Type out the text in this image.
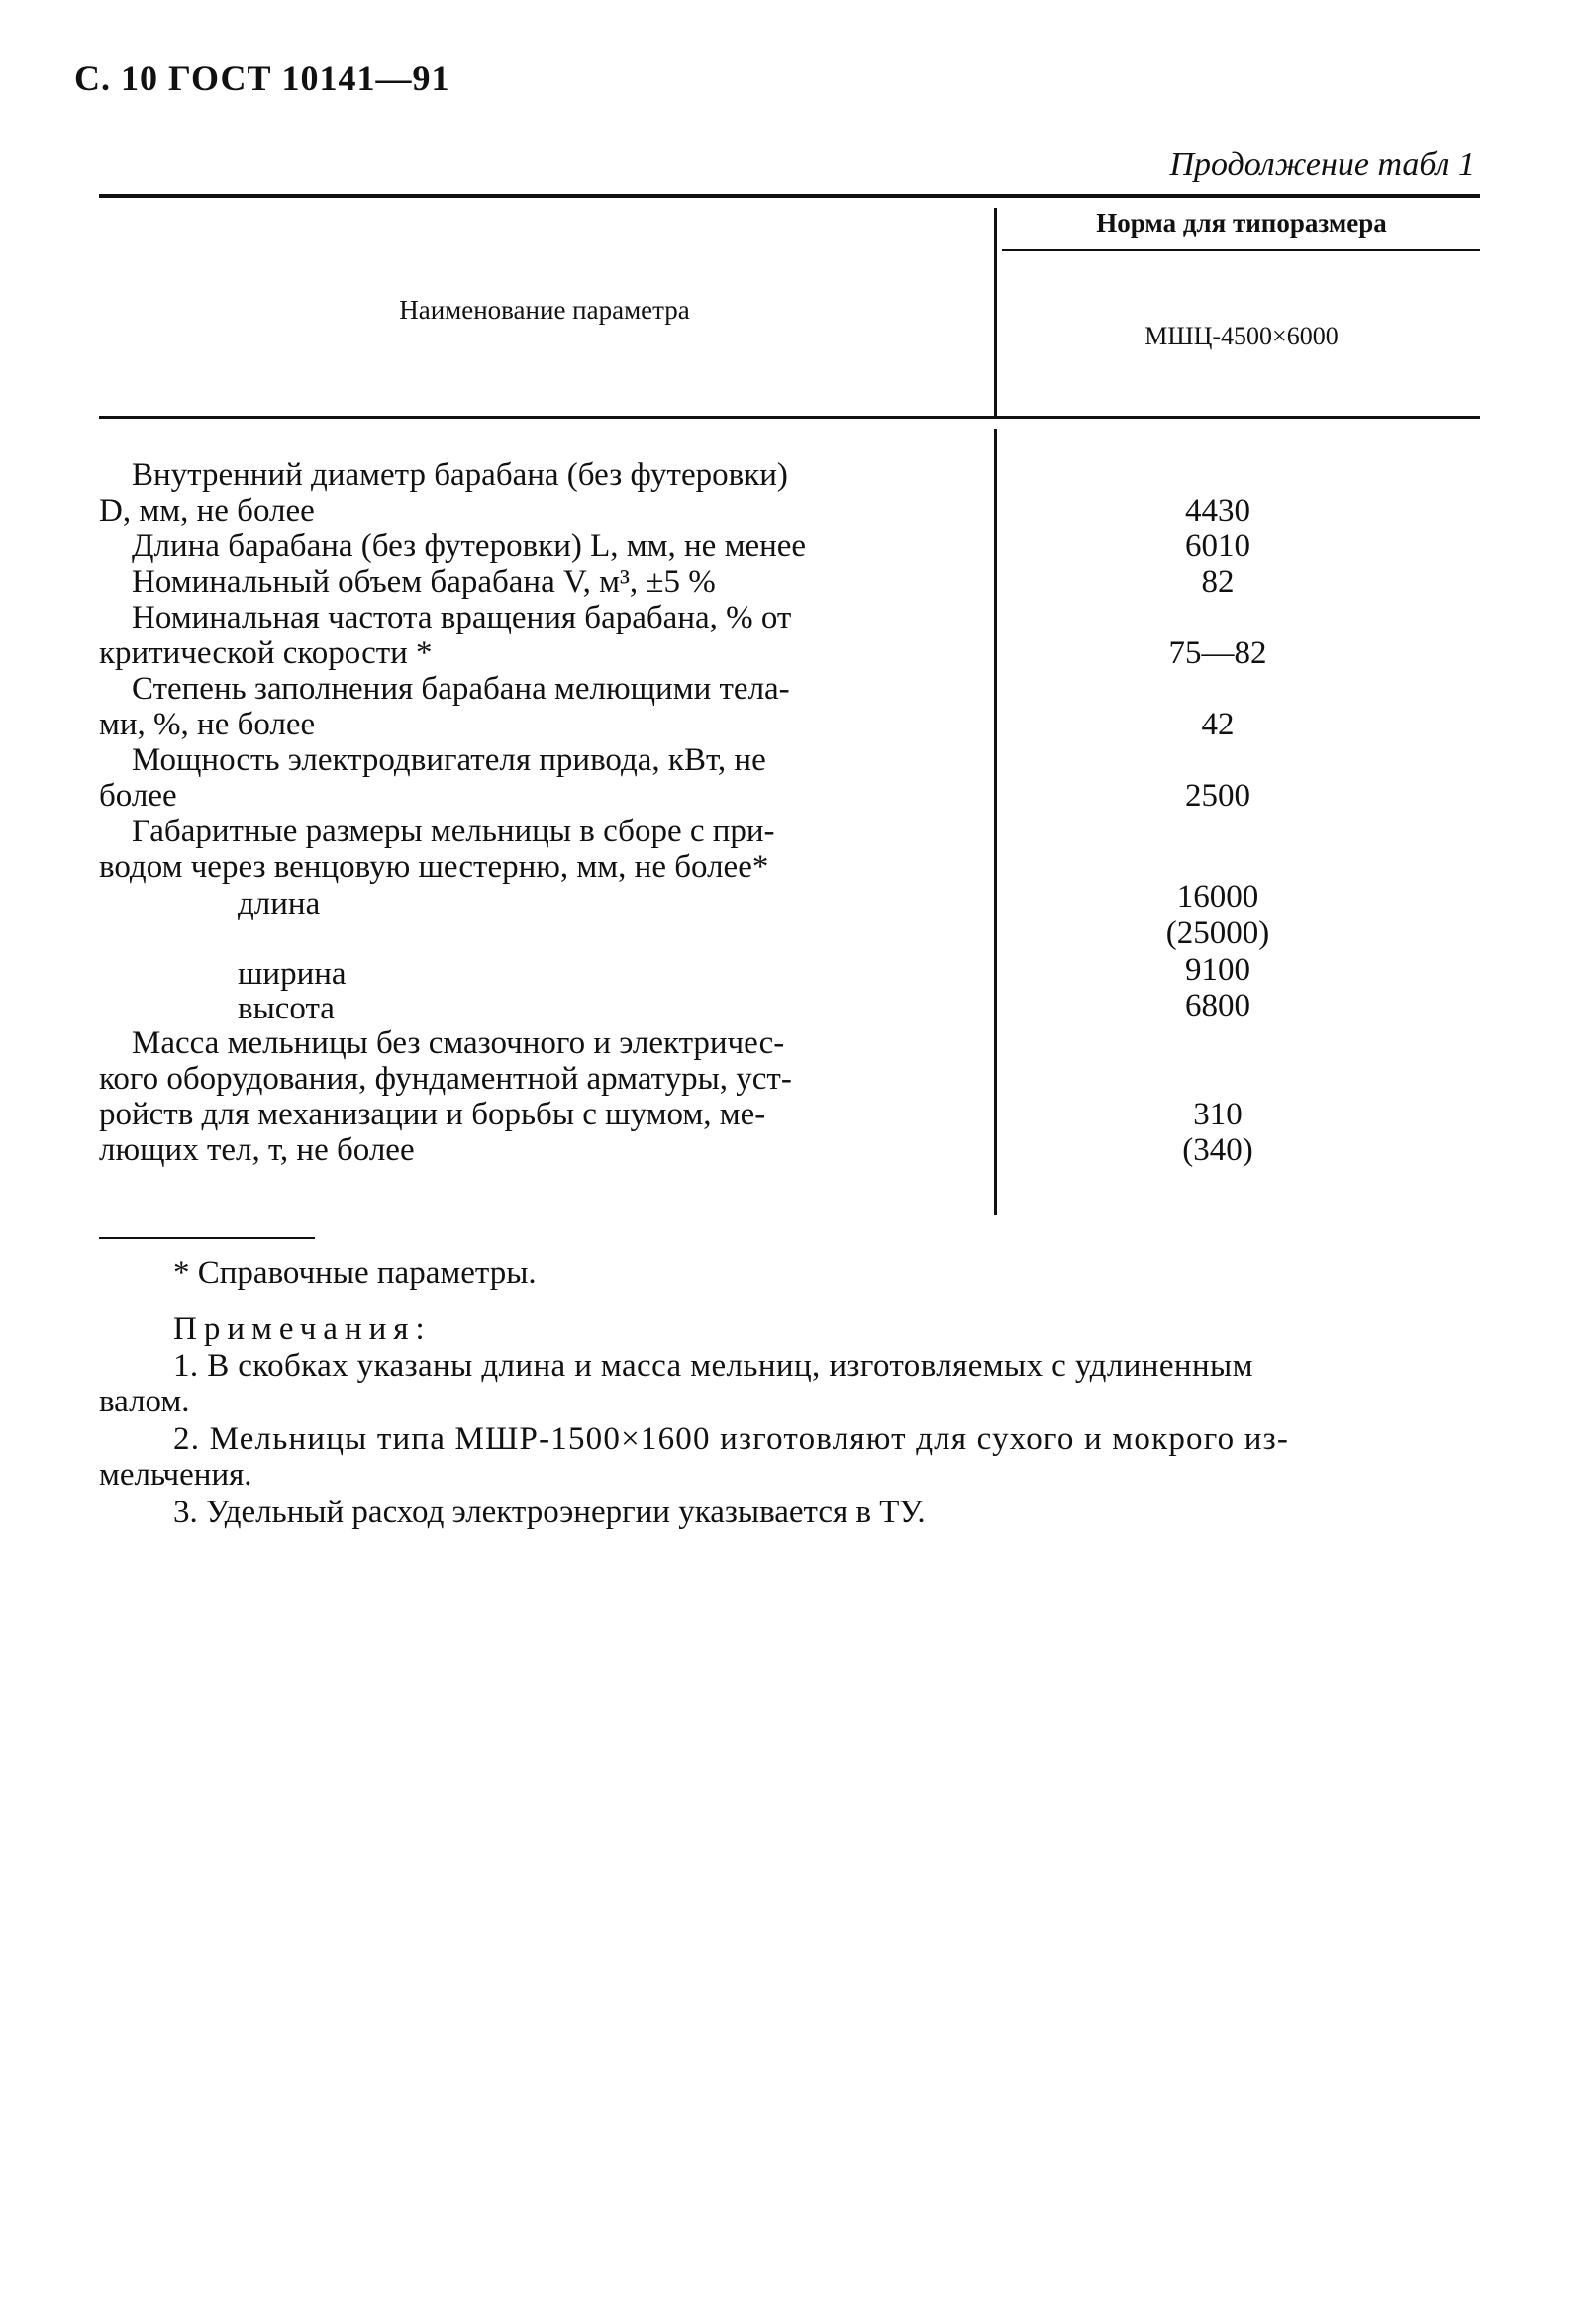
С. 10 ГОСТ 10141—91
Продолжение табл 1
Наименование параметра
Норма для типоразмера
МШЦ-4500×6000
Внутренний диаметр барабана (без футеровки)
D, мм, не более
Длина барабана (без футеровки) L, мм, не менее
Номинальный объем барабана V, м³, ±5 %
Номинальная частота вращения барабана, % от
критической скорости *
Степень заполнения барабана мелющими тела-
ми, %, не более
Мощность электродвигателя привода, кВт, не
более
Габаритные размеры мельницы в сборе с при-
водом через венцовую шестерню, мм, не более*
длина
ширина
высота
Масса мельницы без смазочного и электричес-
кого оборудования, фундаментной арматуры, уст-
ройств для механизации и борьбы с шумом, ме-
лющих тел, т, не более
4430
6010
82
75—82
42
2500
16000
(25000)
9100
6800
310
(340)
* Справочные параметры.
Примечания:
1. В скобках указаны длина и масса мельниц, изготовляемых с удлиненным
валом.
2. Мельницы типа МШР-1500×1600 изготовляют для сухого и мокрого из-
мельчения.
3. Удельный расход электроэнергии указывается в ТУ.
